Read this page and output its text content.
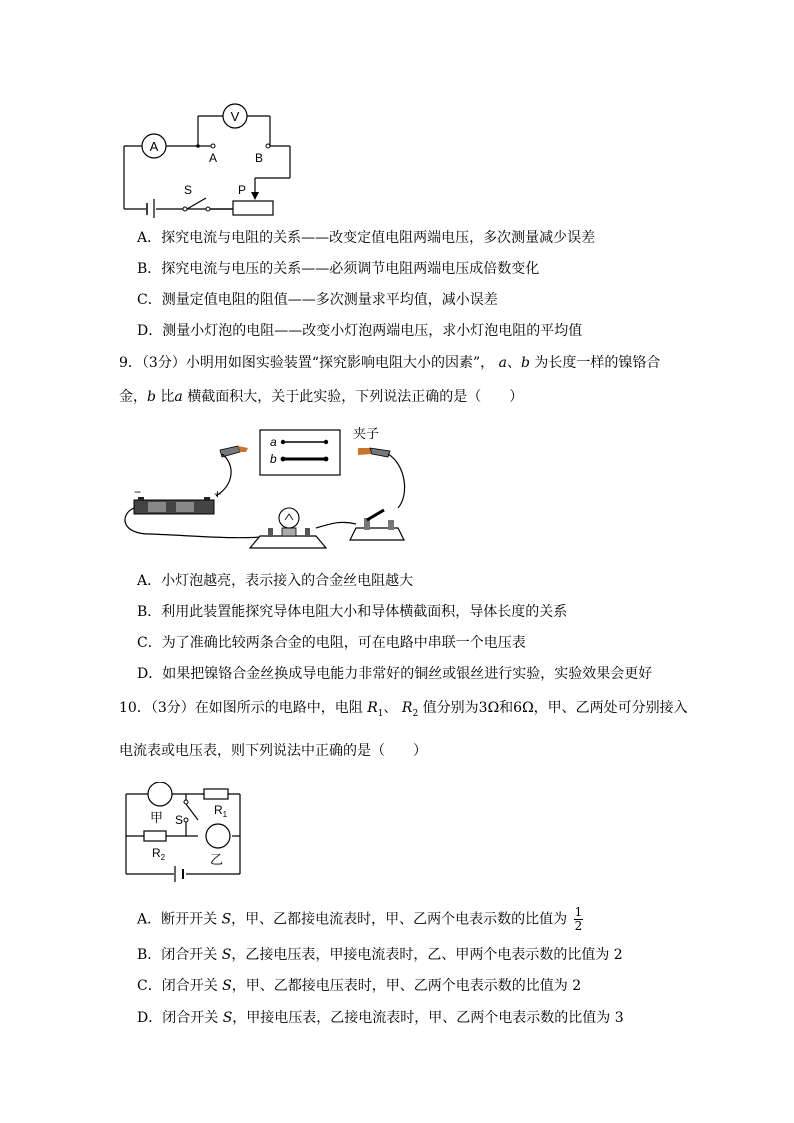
A
V
A	B
S	P
A．探究电流与电阻的关系——改变定值电阻两端电压，多次测量减少误差
B．探究电流与电压的关系——必须调节电阻两端电压成倍数变化
C．测量定值电阻的阻值——多次测量求平均值，减小误差
D．测量小灯泡的电阻——改变小灯泡两端电压，求小灯泡电阻的平均值
9．（3分）小明用如图实验装置“探究影响电阻大小的因素”， a、b 为长度一样的镍铬合
金，b 比a 横截面积大，关于此实验，下列说法正确的是（　　）
a
b
夹子
−	+
A．小灯泡越亮，表示接入的合金丝电阻越大
B．利用此装置能探究导体电阻大小和导体横截面积，导体长度的关系
C．为了准确比较两条合金的电阻，可在电路中串联一个电压表
D．如果把镍铬合金丝换成导电能力非常好的铜丝或银丝进行实验，实验效果会更好
10．（3分）在如图所示的电路中，电阻 $R_1$、 $R_2$ 值分别为3Ω和6Ω，甲、乙两处可分别接入
电流表或电压表，则下列说法中正确的是（　　）
甲
乙
S
$R_1$
$R_2$
A．断开开关 S，甲、乙都接电流表时，甲、乙两个电表示数的比值为 $\frac{1}{2}$
B．闭合开关 S，乙接电压表，甲接电流表时，乙、甲两个电表示数的比值为 2
C．闭合开关 S，甲、乙都接电压表时，甲、乙两个电表示数的比值为 2
D．闭合开关 S，甲接电压表，乙接电流表时，甲、乙两个电表示数的比值为 3
